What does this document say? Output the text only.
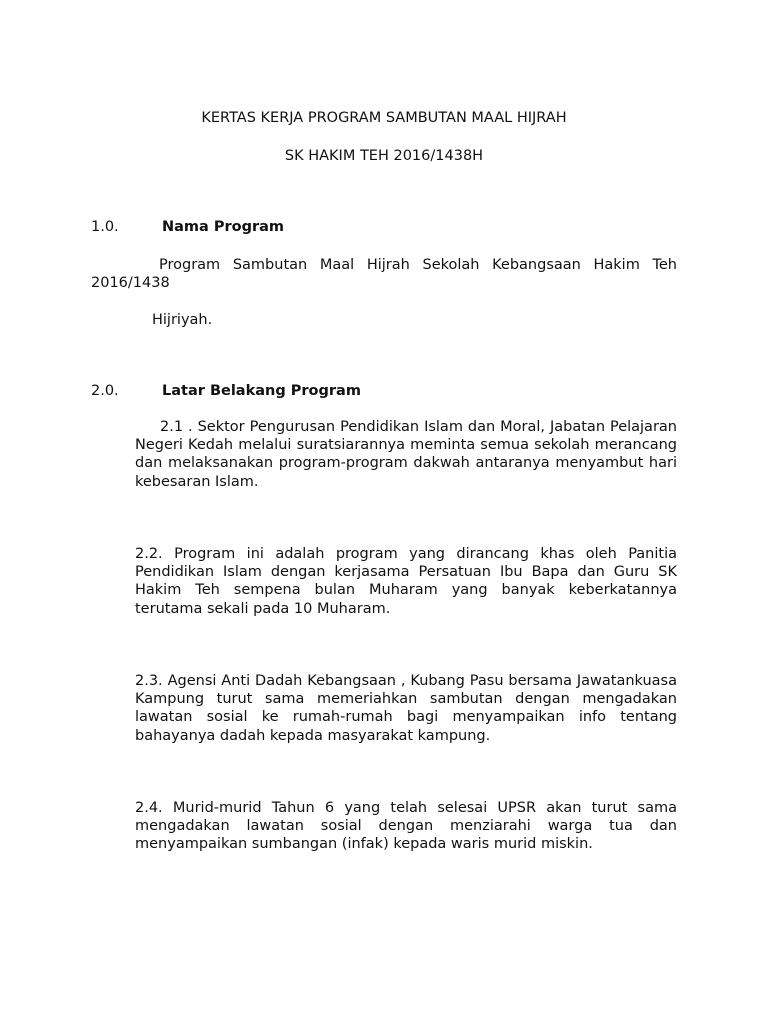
KERTAS KERJA PROGRAM SAMBUTAN MAAL HIJRAH
SK HAKIM TEH 2016/1438H
1.0.	Nama Program

Program Sambutan Maal Hijrah Sekolah Kebangsaan Hakim Teh 2016/1438

Hijriyah.
2.0.	Latar Belakang Program

2.1 . Sektor Pengurusan Pendidikan Islam dan Moral, Jabatan Pelajaran Negeri Kedah melalui suratsiarannya meminta semua sekolah merancang dan melaksanakan program-program dakwah antaranya menyambut hari kebesaran Islam.

2.2. Program ini adalah program yang dirancang khas oleh Panitia Pendidikan Islam dengan kerjasama Persatuan Ibu Bapa dan Guru SK Hakim Teh sempena bulan Muharam yang banyak keberkatannya terutama sekali pada 10 Muharam.

2.3. Agensi Anti Dadah Kebangsaan , Kubang Pasu bersama Jawatankuasa Kampung turut sama memeriahkan sambutan dengan mengadakan lawatan sosial ke rumah-rumah bagi menyampaikan info tentang bahayanya dadah kepada masyarakat kampung.

2.4. Murid-murid Tahun 6 yang telah selesai UPSR akan turut sama mengadakan lawatan sosial dengan menziarahi warga tua dan menyampaikan sumbangan (infak) kepada waris murid miskin.
